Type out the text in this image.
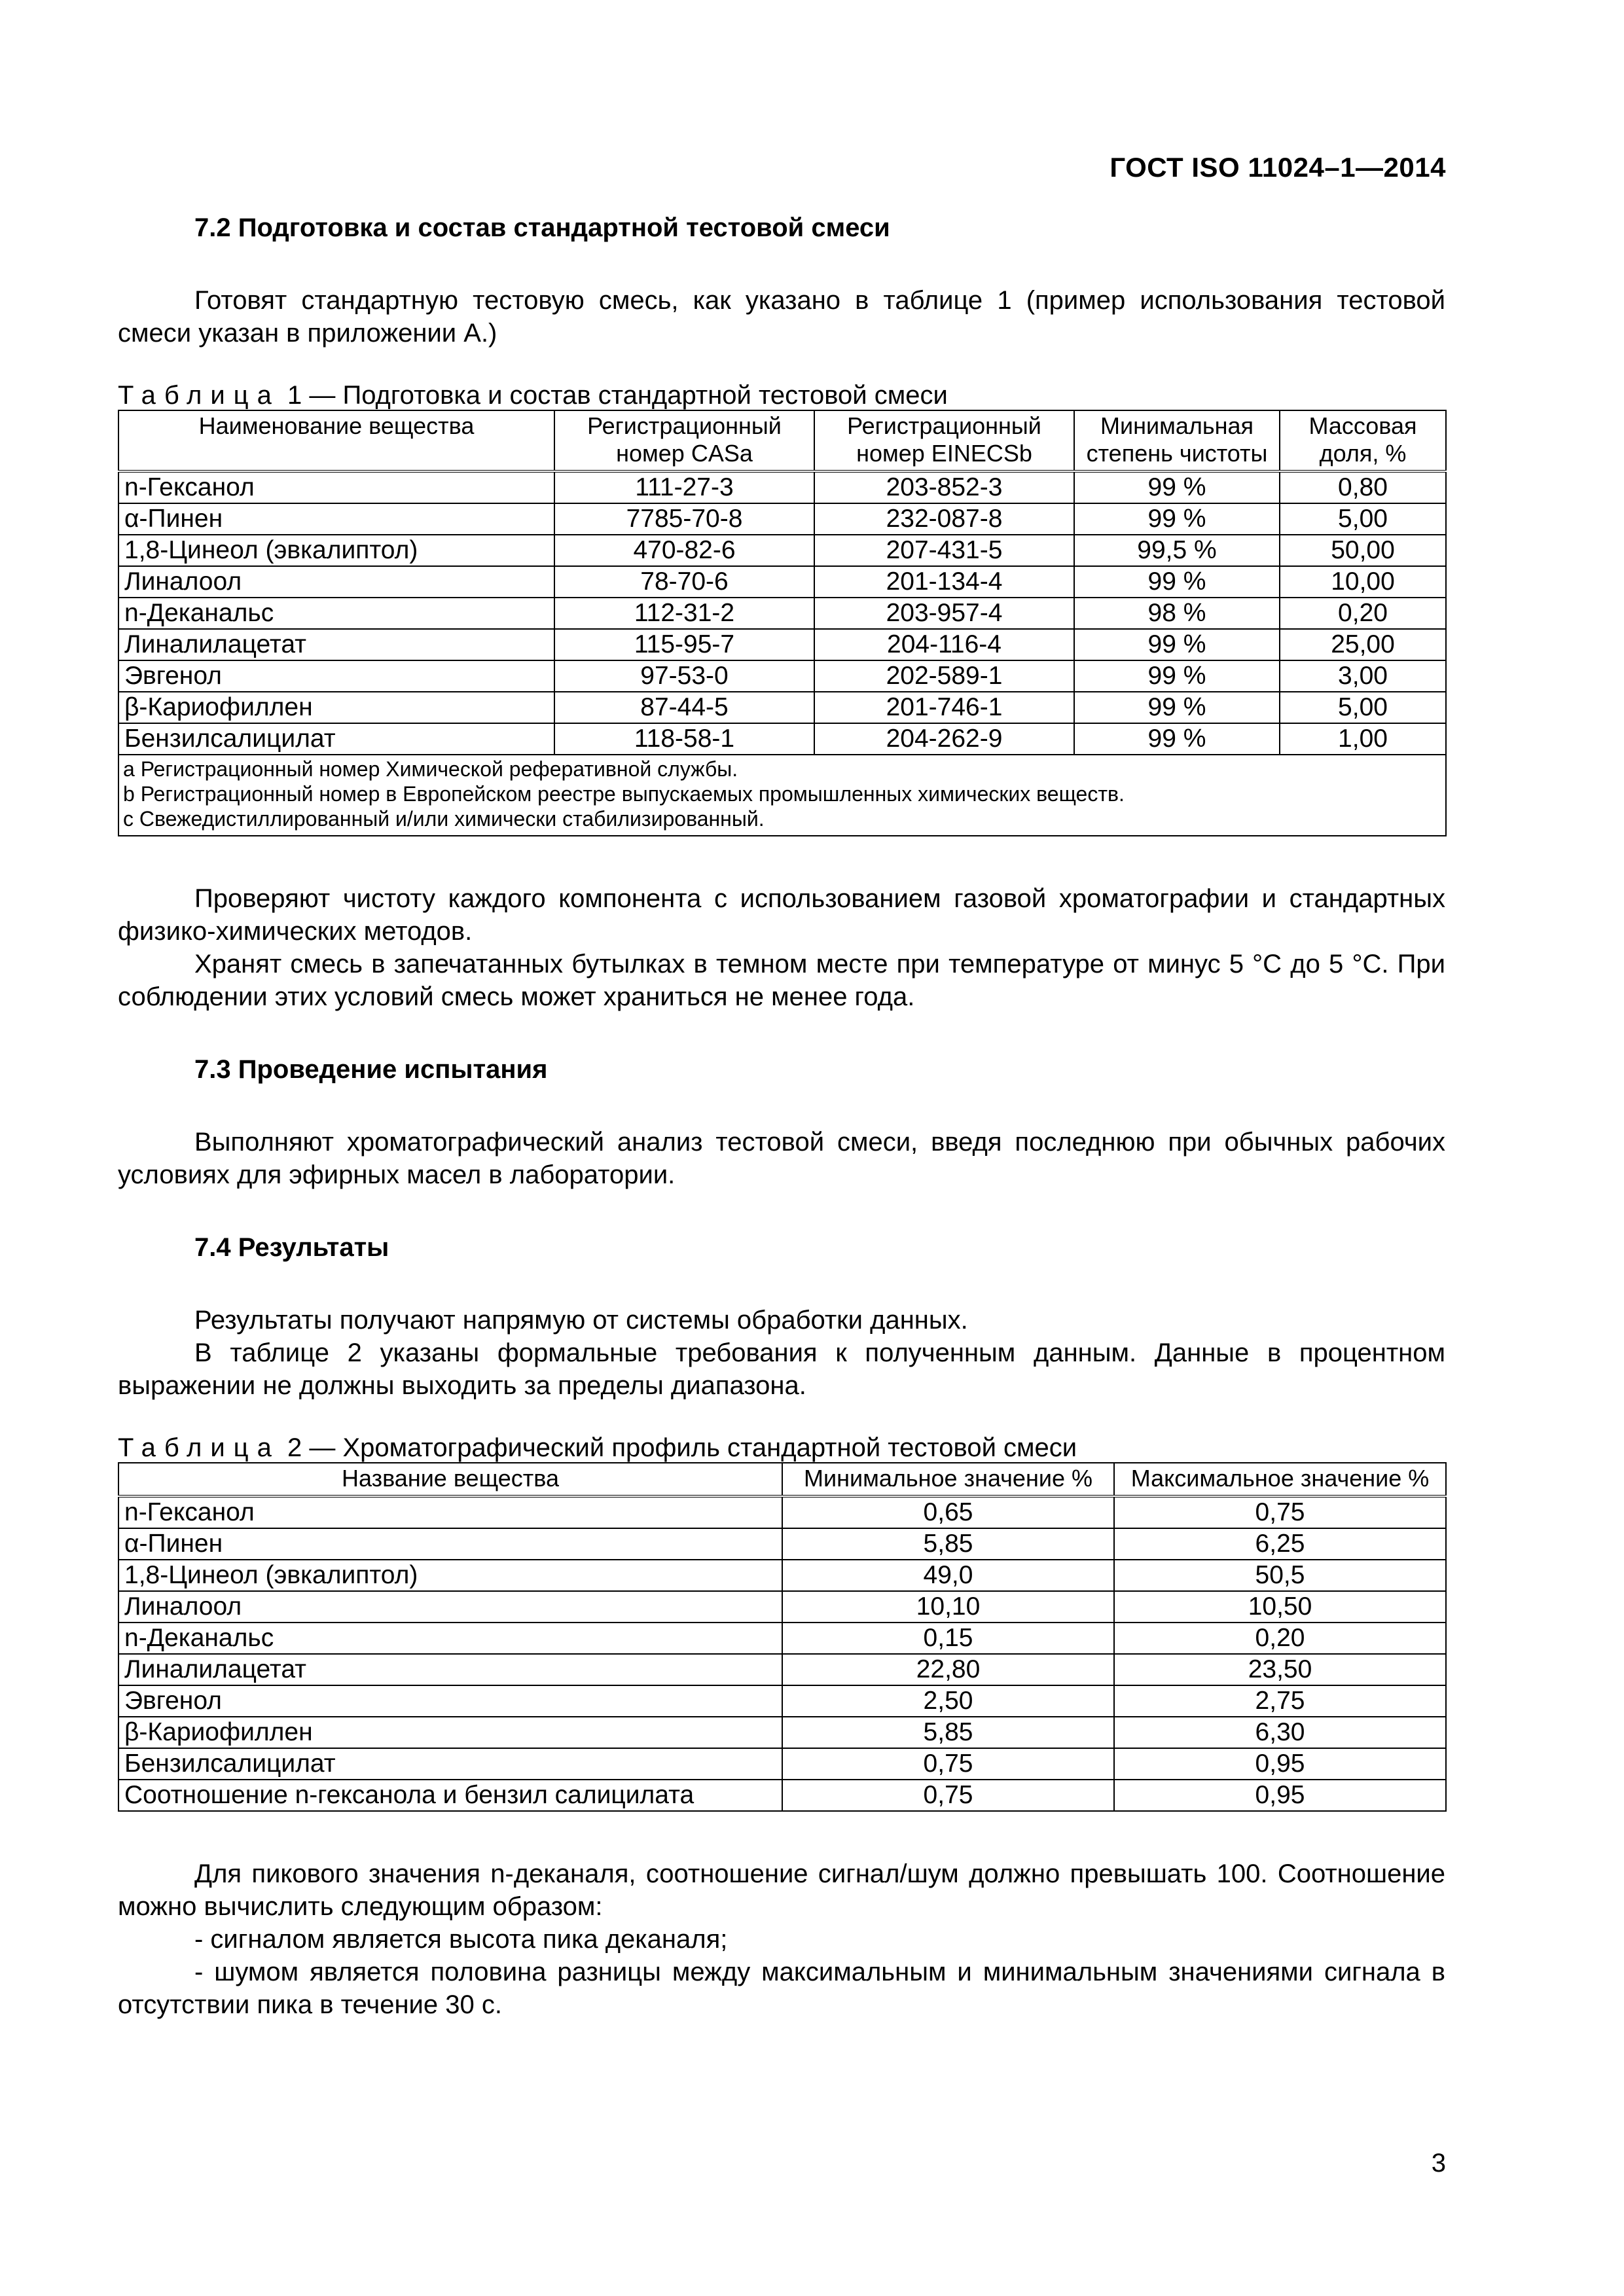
ГОСТ ISO 11024–1—2014
7.2 Подготовка и состав стандартной тестовой смеси

Готовят стандартную тестовую смесь, как указано в таблице 1 (пример использования тестовой смеси указан в приложении А.)

Таблица 1 — Подготовка и состав стандартной тестовой смеси
Наименование вещества	Регистрационный номер CASa	Регистрационный номер EINECSb	Минимальная степень чистоты	Массовая доля, %
n-Гексанол	111-27-3	203-852-3	99 %	0,80
α-Пинен	7785-70-8	232-087-8	99 %	5,00
1,8-Цинеол (эвкалиптол)	470-82-6	207-431-5	99,5 %	50,00
Линалоол	78-70-6	201-134-4	99 %	10,00
n-Деканальc	112-31-2	203-957-4	98 %	0,20
Линалилацетат	115-95-7	204-116-4	99 %	25,00
Эвгенол	97-53-0	202-589-1	99 %	3,00
β-Кариофиллен	87-44-5	201-746-1	99 %	5,00
Бензилсалицилат	118-58-1	204-262-9	99 %	1,00

a Регистрационный номер Химической реферативной службы.
b Регистрационный номер в Европейском реестре выпускаемых промышленных химических веществ.
c Свежедистиллированный и/или химически стабилизированный.				

Проверяют чистоту каждого компонента с использованием газовой хроматографии и стандартных физико-химических методов.

Хранят смесь в запечатанных бутылках в темном месте при температуре от минус 5 °С до 5 °С. При соблюдении этих условий смесь может храниться не менее года.

7.3 Проведение испытания

Выполняют хроматографический анализ тестовой смеси, введя последнюю при обычных рабочих условиях для эфирных масел в лаборатории.

7.4 Результаты

Результаты получают напрямую от системы обработки данных.

В таблице 2 указаны формальные требования к полученным данным. Данные в процентном выражении не должны выходить за пределы диапазона.

Таблица 2 — Хроматографический профиль стандартной тестовой смеси
Название вещества	Минимальное значение %	Максимальное значение %
n-Гексанол	0,65	0,75
α-Пинен	5,85	6,25
1,8-Цинеол (эвкалиптол)	49,0	50,5
Линалоол	10,10	10,50
n-Деканальc	0,15	0,20
Линалилацетат	22,80	23,50
Эвгенол	2,50	2,75
β-Кариофиллен	5,85	6,30
Бензилсалицилат	0,75	0,95
Соотношение n-гексанола и бензил салицилата	0,75	0,95

Для пикового значения n-деканаля, соотношение сигнал/шум должно превышать 100. Соотношение можно вычислить следующим образом:

- сигналом является высота пика деканаля;

- шумом является половина разницы между максимальным и минимальным значениями сигнала в отсутствии пика в течение 30 с.

3
